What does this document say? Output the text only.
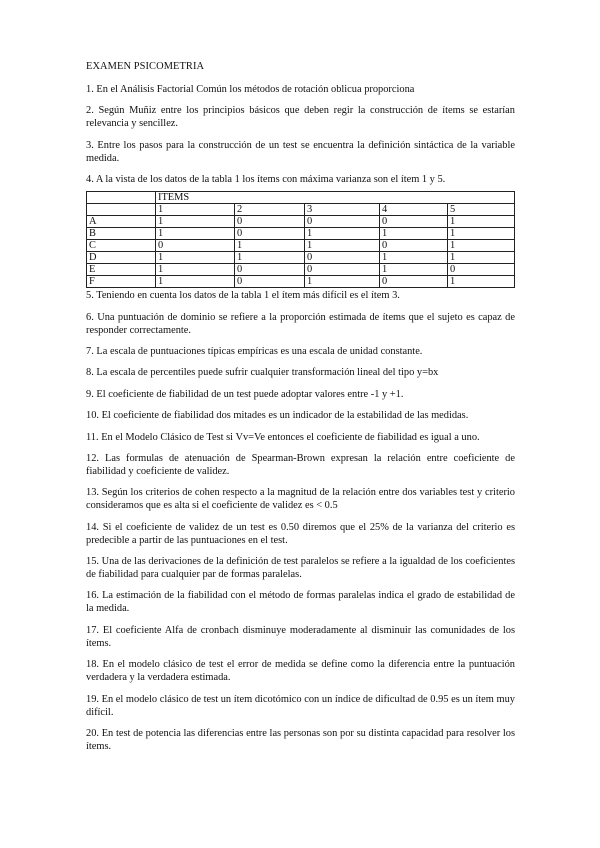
EXAMEN PSICOMETRIA
1. En el Análisis Factorial Común los métodos de rotación oblicua proporciona
2. Según Muñiz entre los principios básicos que deben regir la construcción de ítems se estarían relevancia y sencillez.
3. Entre los pasos para la construcción de un test se encuentra la definición sintáctica de la variable medida.
4. A la vista de los datos de la tabla 1 los ítems con máxima varianza son el ítem 1 y 5.
	ITEMS				
	1	2	3	4	5
A	1	0	0	0	1
B	1	0	1	1	1
C	0	1	1	0	1
D	1	1	0	1	1
E	1	0	0	1	0
F	1	0	1	0	1
5. Teniendo en cuenta los datos de la tabla 1 el ítem más difícil es el ítem 3.
6. Una puntuación de dominio se refiere a la proporción estimada de ítems que el sujeto es capaz de responder correctamente.
7. La escala de puntuaciones típicas empíricas es una escala de unidad constante.
8. La escala de percentiles puede sufrir cualquier transformación lineal del tipo y=bx
9. El coeficiente de fiabilidad de un test puede adoptar valores entre -1 y +1.
10. El coeficiente de fiabilidad dos mitades es un indicador de la estabilidad de las medidas.
11. En el Modelo Clásico de Test si Vv=Ve entonces el coeficiente de fiabilidad es igual a uno.
12. Las formulas de atenuación de Spearman-Brown expresan la relación entre coeficiente de fiabilidad y coeficiente de validez.
13. Según los criterios de cohen respecto a la magnitud de la relación entre dos variables test y criterio consideramos que es alta si el coeficiente de validez es < 0.5
14. Si el coeficiente de validez de un test es 0.50 diremos que el 25% de la varianza del criterio es predecible a partir de las puntuaciones en el test.
15. Una de las derivaciones de la definición de test paralelos se refiere a la igualdad de los coeficientes de fiabilidad para cualquier par de formas paralelas.
16. La estimación de la fiabilidad con el método de formas paralelas indica el grado de estabilidad de la medida.
17. El coeficiente Alfa de cronbach disminuye moderadamente al disminuir las comunidades de los ítems.
18. En el modelo clásico de test el error de medida se define como la diferencia entre la puntuación verdadera y la verdadera estimada.
19. En el modelo clásico de test un ítem dicotómico con un índice de dificultad de 0.95 es un ítem muy difícil.
20. En test de potencia las diferencias entre las personas son por su distinta capacidad para resolver los ítems.
